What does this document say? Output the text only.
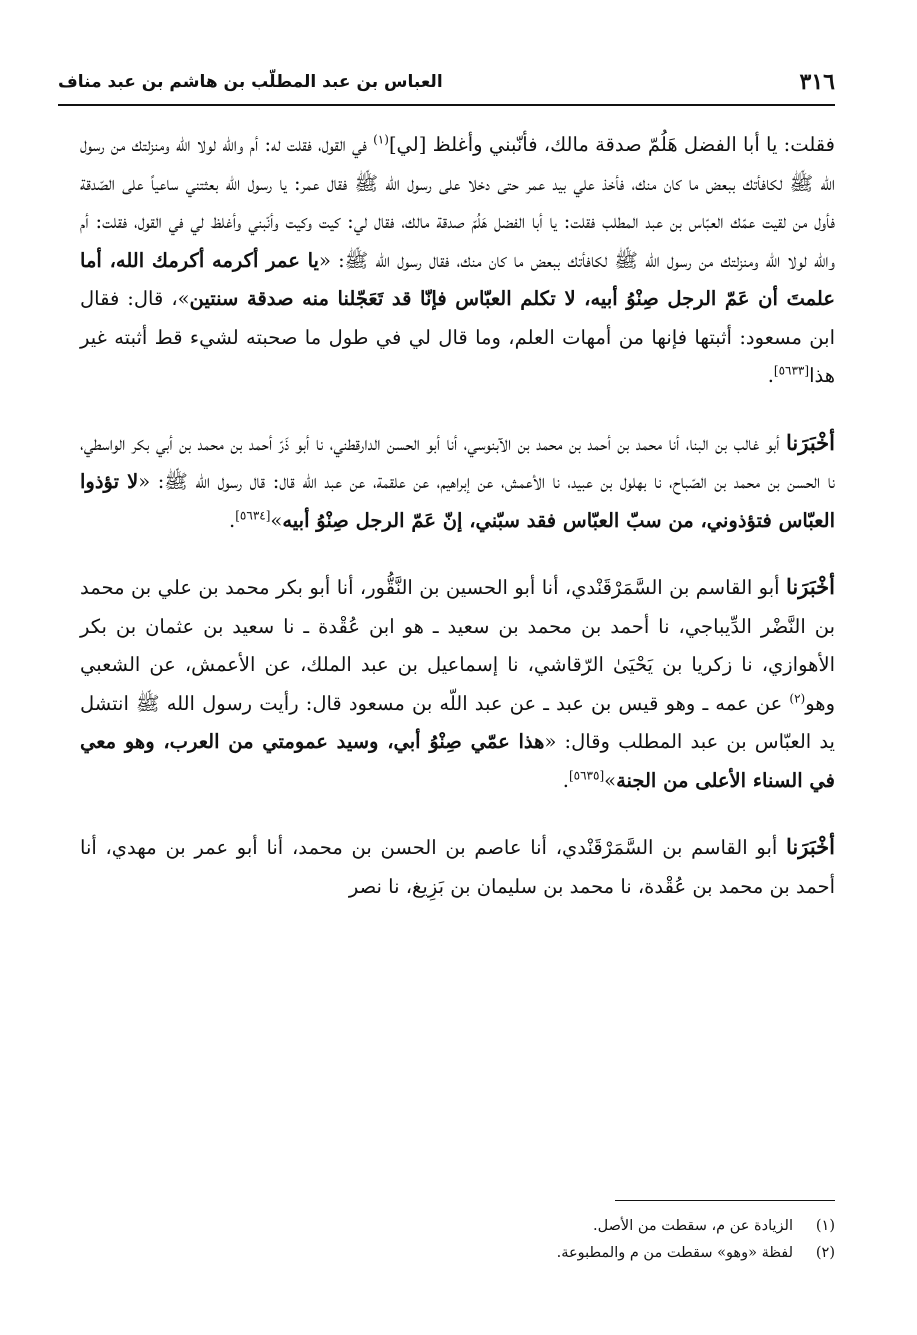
٣١٦
العباس بن عبد المطلّب بن هاشم بن عبد مناف

فقلت: يا أبا الفضل هَلُمّ صدقة مالك، فأنّبني وأغلظ [لي]$^{(١)}$ في القول، فقلت له: أم والله لولا الله ومنزلتك من رسول الله ﷺ لكافأتك ببعض ما كان منك، فأخذ علي بيد عمر حتى دخلا على رسول الله ﷺ فقال عمر: يا رسول الله بعثتني ساعياً على الصّدقة فأول من لقيت عمّك العبّاس بن عبد المطلب فقلت: يا أبا الفضل هَلُمّ صدقة مالك، فقال لي: كيت وكيت وأنّبني وأغلظ لي في القول، فقلت: أم والله لولا الله ومنزلتك من رسول الله ﷺ لكافأتك ببعض ما كان منك، فقال رسول الله ﷺ: «يا عمر أكرمه أكرمك الله، أما علمتَ أن عَمّ الرجل صِنْوُ أبيه، لا تكلم العبّاس فإنّا قد تَعَجّلنا منه صدقة سنتين»، قال: فقال ابن مسعود: أثبتها فإنها من أمهات العلم، وما قال لي في طول ما صحبته لشيء قط أثبته غير هذا[٥٦٣٣].

أخْبَرَنا أبو غالب بن البنا، أنا محمد بن أحمد بن محمد بن الآبنوسي، أنا أبو الحسن الدارقطني، نا أبو ذَرّ أحمد بن محمد بن أبي بكر الواسطي، نا الحسن بن محمد بن الصّباح، نا بهلول بن عبيد، نا الأعمش، عن إبراهيم، عن علقمة، عن عبد اللّه قال: قال رسول الله ﷺ: «لا تؤذوا العبّاس فتؤذوني، من سبّ العبّاس فقد سبّني، إنّ عَمّ الرجل صِنْوُ أبيه»[٥٦٣٤].

أخْبَرَنا أبو القاسم بن السَّمَرْقَنْدي، أنا أبو الحسين بن النَّقُّور، أنا أبو بكر محمد بن علي بن محمد بن النَّضْر الدِّيباجي، نا أحمد بن محمد بن سعيد ـ هو ابن عُقْدة ـ نا سعيد بن عثمان بن بكر الأهوازي، نا زكريا بن يَحْيَىٰ الرّقاشي، نا إسماعيل بن عبد الملك، عن الأعمش، عن الشعبي وهو$^{(٢)}$ عن عمه ـ وهو قيس بن عبد ـ عن عبد اللّه بن مسعود قال: رأيت رسول الله ﷺ انتشل يد العبّاس بن عبد المطلب وقال: «هذا عمّي صِنْوُ أبي، وسيد عمومتي من العرب، وهو معي في السناء الأعلى من الجنة»[٥٦٣٥].

أخْبَرَنا أبو القاسم بن السَّمَرْقَنْدي، أنا عاصم بن الحسن بن محمد، أنا أبو عمر بن مهدي، أنا أحمد بن محمد بن عُقْدة، نا محمد بن سليمان بن بَزِيغ، نا نصر

(١)
الزيادة عن م، سقطت من الأصل.
(٢)
لفظة «وهو» سقطت من م والمطبوعة.
